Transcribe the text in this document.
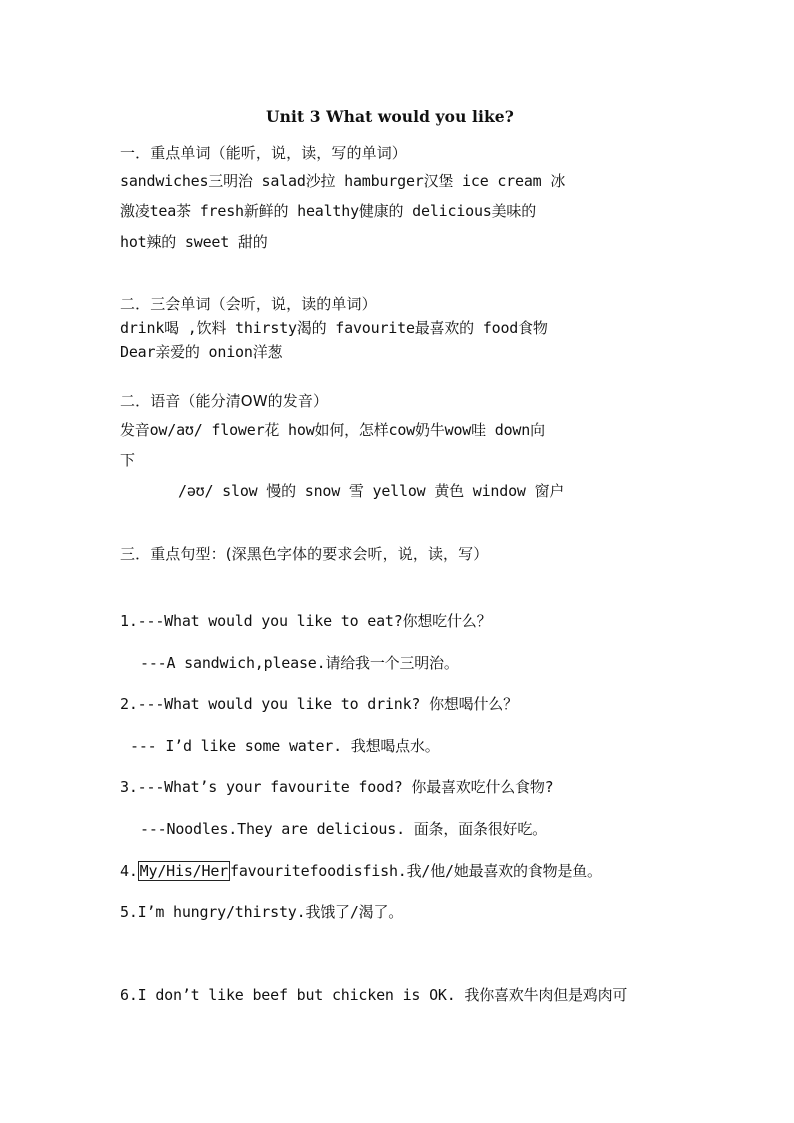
Unit 3 What would you like?
一．重点单词（能听，说，读，写的单词）
sandwiches三明治 salad沙拉 hamburger汉堡 ice cream 冰
激凌tea茶 fresh新鲜的 healthy健康的 delicious美味的
hot辣的 sweet 甜的
二．三会单词（会听，说，读的单词）
drink喝 ,饮料 thirsty渴的 favourite最喜欢的 food食物
Dear亲爱的 onion洋葱
二．语音（能分清OW的发音）
发音ow/aʊ/ flower花 how如何，怎样cow奶牛wow哇 down向
下
/əʊ/ slow 慢的 snow 雪 yellow 黄色 window 窗户
三．重点句型：(深黑色字体的要求会听，说，读，写）
1.---What would you like to eat?你想吃什么？
---A sandwich,please.请给我一个三明治。
2.---What would you like to drink? 你想喝什么？
--- I’d like some water. 我想喝点水。
3.---What’s your favourite food? 你最喜欢吃什么食物?
---Noodles.They are delicious. 面条，面条很好吃。
4. My/His/Her favouritefoodisfish.我/他/她最喜欢的食物是鱼。
5.I’m hungry/thirsty.我饿了/渴了。
6.I don’t like beef but chicken is OK. 我你喜欢牛肉但是鸡肉可
